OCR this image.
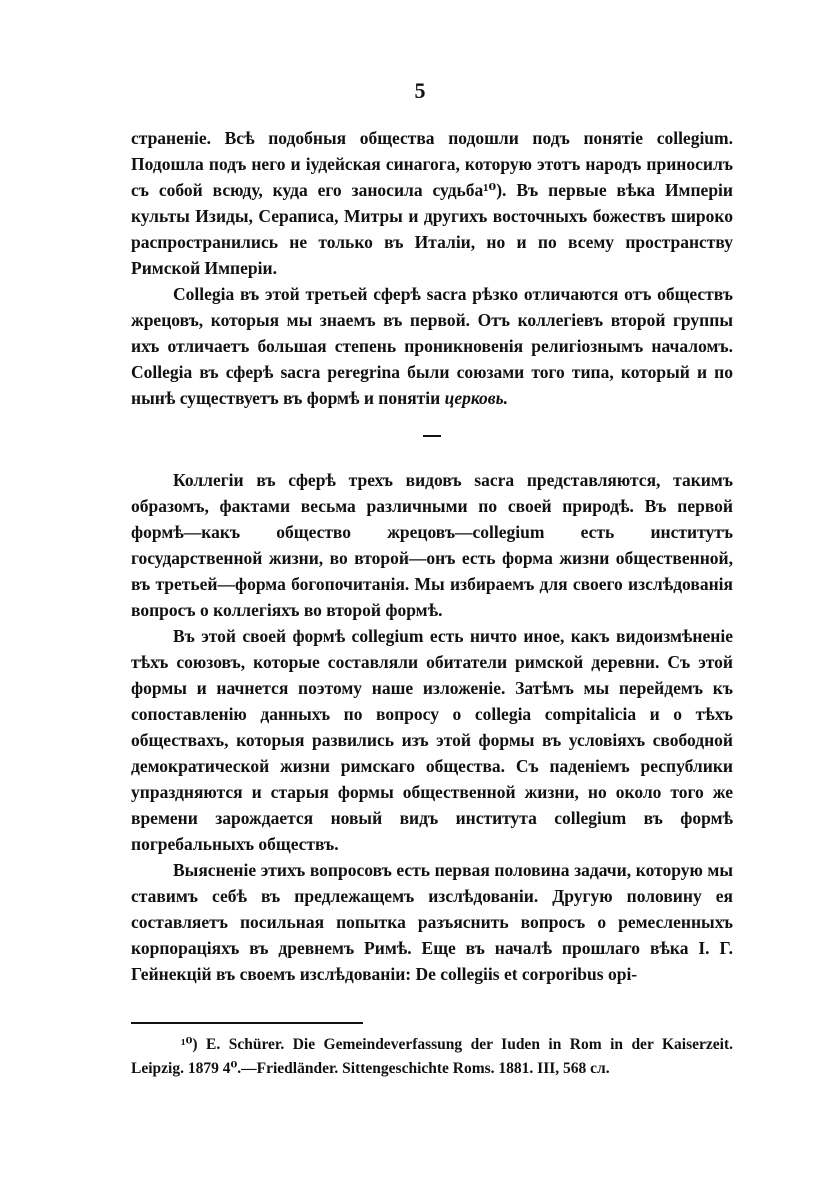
5

страненіе. Всѣ подобныя общества подошли подъ понятіе collegium. Подошла подъ него и іудейская синагога, которую этотъ народъ приносилъ съ собой всюду, куда его заносила судьба¹⁰). Въ первые вѣка Имперіи культы Изиды, Сераписа, Митры и другихъ восточныхъ божествъ широко распространились не только въ Италіи, но и по всему пространству Римской Имперіи.

Collegia въ этой третьей сферѣ sacra рѣзко отличаются отъ обществъ жрецовъ, которыя мы знаемъ въ первой. Отъ коллегіевъ второй группы ихъ отличаетъ большая степень проникновенія религіознымъ началомъ. Collegia въ сферѣ sacra peregrina были союзами того типа, который и по нынѣ существуетъ въ формѣ и понятіи церковь.

Коллегіи въ сферѣ трехъ видовъ sacra представляются, такимъ образомъ, фактами весьма различными по своей природѣ. Въ первой формѣ—какъ общество жрецовъ—collegium есть институтъ государственной жизни, во второй—онъ есть форма жизни общественной, въ третьей—форма богопочитанія. Мы избираемъ для своего изслѣдованія вопросъ о коллегіяхъ во второй формѣ.

Въ этой своей формѣ collegium есть ничто иное, какъ видоизмѣненіе тѣхъ союзовъ, которые составляли обитатели римской деревни. Съ этой формы и начнется поэтому наше изложеніе. Затѣмъ мы перейдемъ къ сопоставленію данныхъ по вопросу о collegia compitalicia и о тѣхъ обществахъ, которыя развились изъ этой формы въ условіяхъ свободной демократической жизни римскаго общества. Съ паденіемъ республики упраздняются и старыя формы общественной жизни, но около того же времени зарождается новый видъ института collegium въ формѣ погребальныхъ обществъ.

Выясненіе этихъ вопросовъ есть первая половина задачи, которую мы ставимъ себѣ въ предлежащемъ изслѣдованіи. Другую половину ея составляетъ посильная попытка разъяснить вопросъ о ремесленныхъ корпораціяхъ въ древнемъ Римѣ. Еще въ началѣ прошлаго вѣка І. Г. Гейнекцій въ своемъ изслѣдованіи: De collegiis et corporibus opi-

¹⁰) E. Schürer. Die Gemeindeverfassung der Iuden in Rom in der Kaiserzeit. Leipzig. 1879 4⁰.—Friedländer. Sittengeschichte Roms. 1881. III, 568 сл.
